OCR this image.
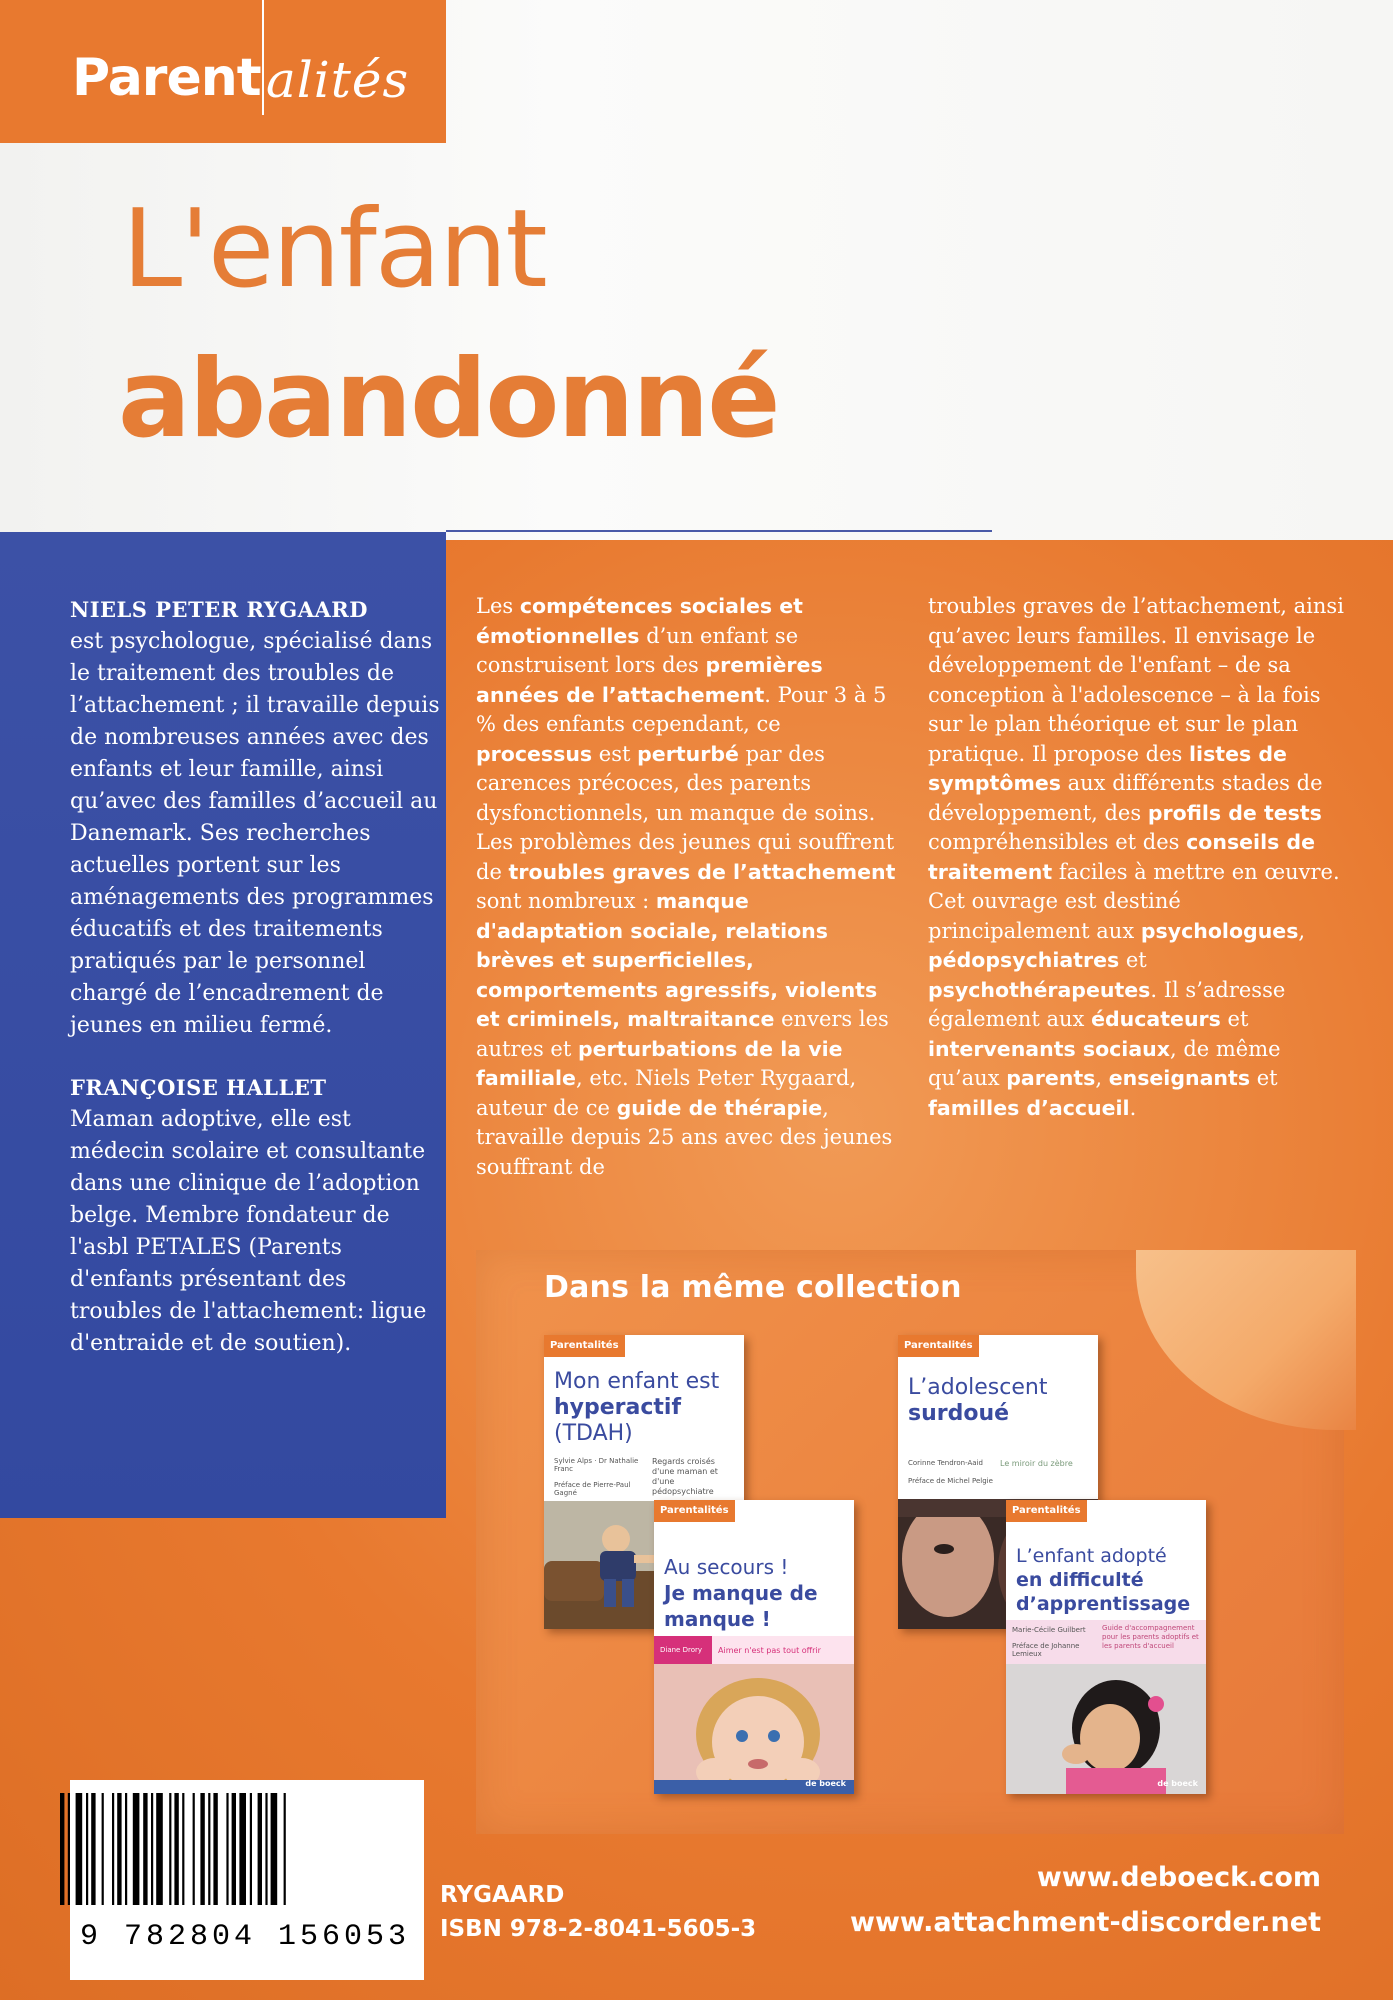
Parent alités
L'enfant
abandonné

NIELS PETER RYGAARD

est psychologue, spécialisé dans le traitement des troubles de l’attachement ; il travaille depuis de nombreuses années avec des enfants et leur famille, ainsi qu’avec des familles d’accueil au Danemark. Ses recherches actuelles portent sur les aménagements des programmes éducatifs et des traitements pratiqués par le personnel chargé de l’encadrement de jeunes en milieu fermé.

FRANÇOISE HALLET

Maman adoptive, elle est médecin scolaire et consultante dans une clinique de l’adoption belge. Membre fondateur de l'asbl PETALES (Parents d'enfants présentant des troubles de l'attachement: ligue d'entraide et de soutien).

Les compétences sociales et émotionnelles d’un enfant se construisent lors des premières années de l’attachement. Pour 3 à 5 % des enfants cependant, ce processus est perturbé par des carences précoces, des parents dysfonctionnels, un manque de soins. Les problèmes des jeunes qui souffrent de troubles graves de l’attachement sont nombreux : manque d'adaptation sociale, relations brèves et superficielles, comportements agressifs, violents et criminels, maltraitance envers les autres et perturbations de la vie familiale, etc. Niels Peter Rygaard, auteur de ce guide de thérapie, travaille depuis 25 ans avec des jeunes souffrant de
troubles graves de l’attachement, ainsi qu’avec leurs familles. Il envisage le développement de l'enfant – de sa conception à l'adolescence – à la fois sur le plan théorique et sur le plan pratique. Il propose des listes de symptômes aux différents stades de développement, des profils de tests compréhensibles et des conseils de traitement faciles à mettre en œuvre. Cet ouvrage est destiné principalement aux psychologues, pédopsychiatres et psychothérapeutes. Il s’adresse également aux éducateurs et intervenants sociaux, de même qu’aux parents, enseignants et familles d’accueil.
Dans la même collection
Parentalités
Mon enfant est hyperactif
(TDAH)
Regards croisés d'une maman et d'une pédopsychiatre
Sylvie Alps · Dr Nathalie Franc
Préface de Pierre-Paul Gagné
Parentalités
L’adolescent
surdoué
Corinne Tendron-Aaid	Le miroir du zèbre
Préface de Michel Pelgie
Parentalités
Au secours !
Je manque de manque !
Diane Drory Aimer n'est pas tout offrir
de boeck
Parentalités
L’enfant adopté
en difficulté d’apprentissage
Marie-Cécile Guilbert
Préface de Johanne Lemieux
Guide d'accompagnement pour les parents adoptifs et les parents d'accueil
de boeck
9 782804 156053
RYGAARD
ISBN 978-2-8041-5605-3
www.deboeck.com
www.attachment-discorder.net
